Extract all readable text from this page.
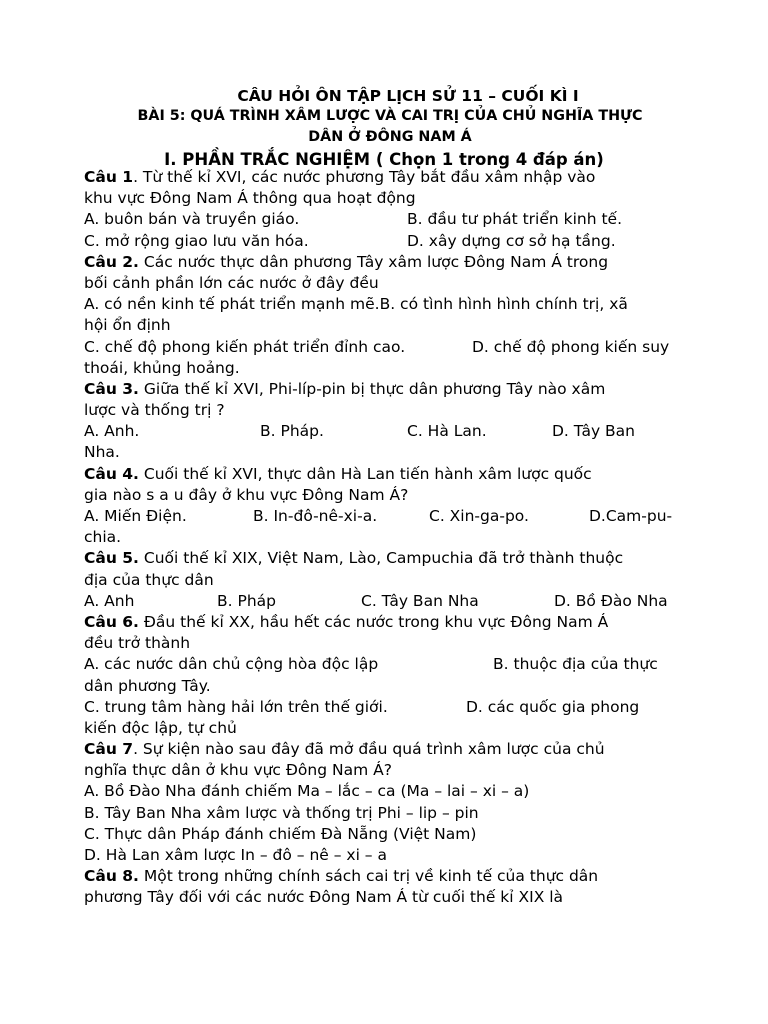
CÂU HỎI ÔN TẬP LỊCH SỬ 11 – CUỐI KÌ I
BÀI 5: QUÁ TRÌNH XÂM LƯỢC VÀ CAI TRỊ CỦA CHỦ NGHĨA THỰC
DÂN Ở ĐÔNG NAM Á
I. PHẦN TRẮC NGHIỆM ( Chọn 1 trong 4 đáp án)
Câu 1. Từ thế kỉ XVI, các nước phương Tây bắt đầu xâm nhập vào
khu vực Đông Nam Á thông qua hoạt động
A. buôn bán và truyền giáo.	B. đầu tư phát triển kinh tế.
C. mở rộng giao lưu văn hóa.	D. xây dựng cơ sở hạ tầng.
Câu 2. Các nước thực dân phương Tây xâm lược Đông Nam Á trong
bối cảnh phần lớn các nước ở đây đều
A. có nền kinh tế phát triển mạnh mẽ.B. có tình hình hình chính trị, xã
hội ổn định
C. chế độ phong kiến phát triển đỉnh cao.	D. chế độ phong kiến suy
thoái, khủng hoảng.
Câu 3. Giữa thế kỉ XVI, Phi-líp-pin bị thực dân phương Tây nào xâm
lược và thống trị ?
A. Anh.	B. Pháp.	C. Hà Lan.	D. Tây Ban
Nha.
Câu 4. Cuối thế kỉ XVI, thực dân Hà Lan tiến hành xâm lược quốc
gia nào s a u đây ở khu vực Đông Nam Á?
A. Miến Điện.	B. In-đô-nê-xi-a.	C. Xin-ga-po.	D.Cam-pu-
chia.
Câu 5. Cuối thế kỉ XIX, Việt Nam, Lào, Campuchia đã trở thành thuộc
địa của thực dân
A. Anh	B. Pháp	C. Tây Ban Nha	D. Bồ Đào Nha
Câu 6. Đầu thế kỉ XX, hầu hết các nước trong khu vực Đông Nam Á
đều trở thành
A. các nước dân chủ cộng hòa độc lập	B. thuộc địa của thực
dân phương Tây.
C. trung tâm hàng hải lớn trên thế giới.	D. các quốc gia phong
kiến độc lập, tự chủ
Câu 7. Sự kiện nào sau đây đã mở đầu quá trình xâm lược của chủ
nghĩa thực dân ở khu vực Đông Nam Á?
A. Bồ Đào Nha đánh chiếm Ma – lắc – ca (Ma – lai – xi – a)
B. Tây Ban Nha xâm lược và thống trị Phi – lip – pin
C. Thực dân Pháp đánh chiếm Đà Nẵng (Việt Nam)
D. Hà Lan xâm lược In – đô – nê – xi – a
Câu 8. Một trong những chính sách cai trị về kinh tế của thực dân
phương Tây đối với các nước Đông Nam Á từ cuối thế kỉ XIX là
